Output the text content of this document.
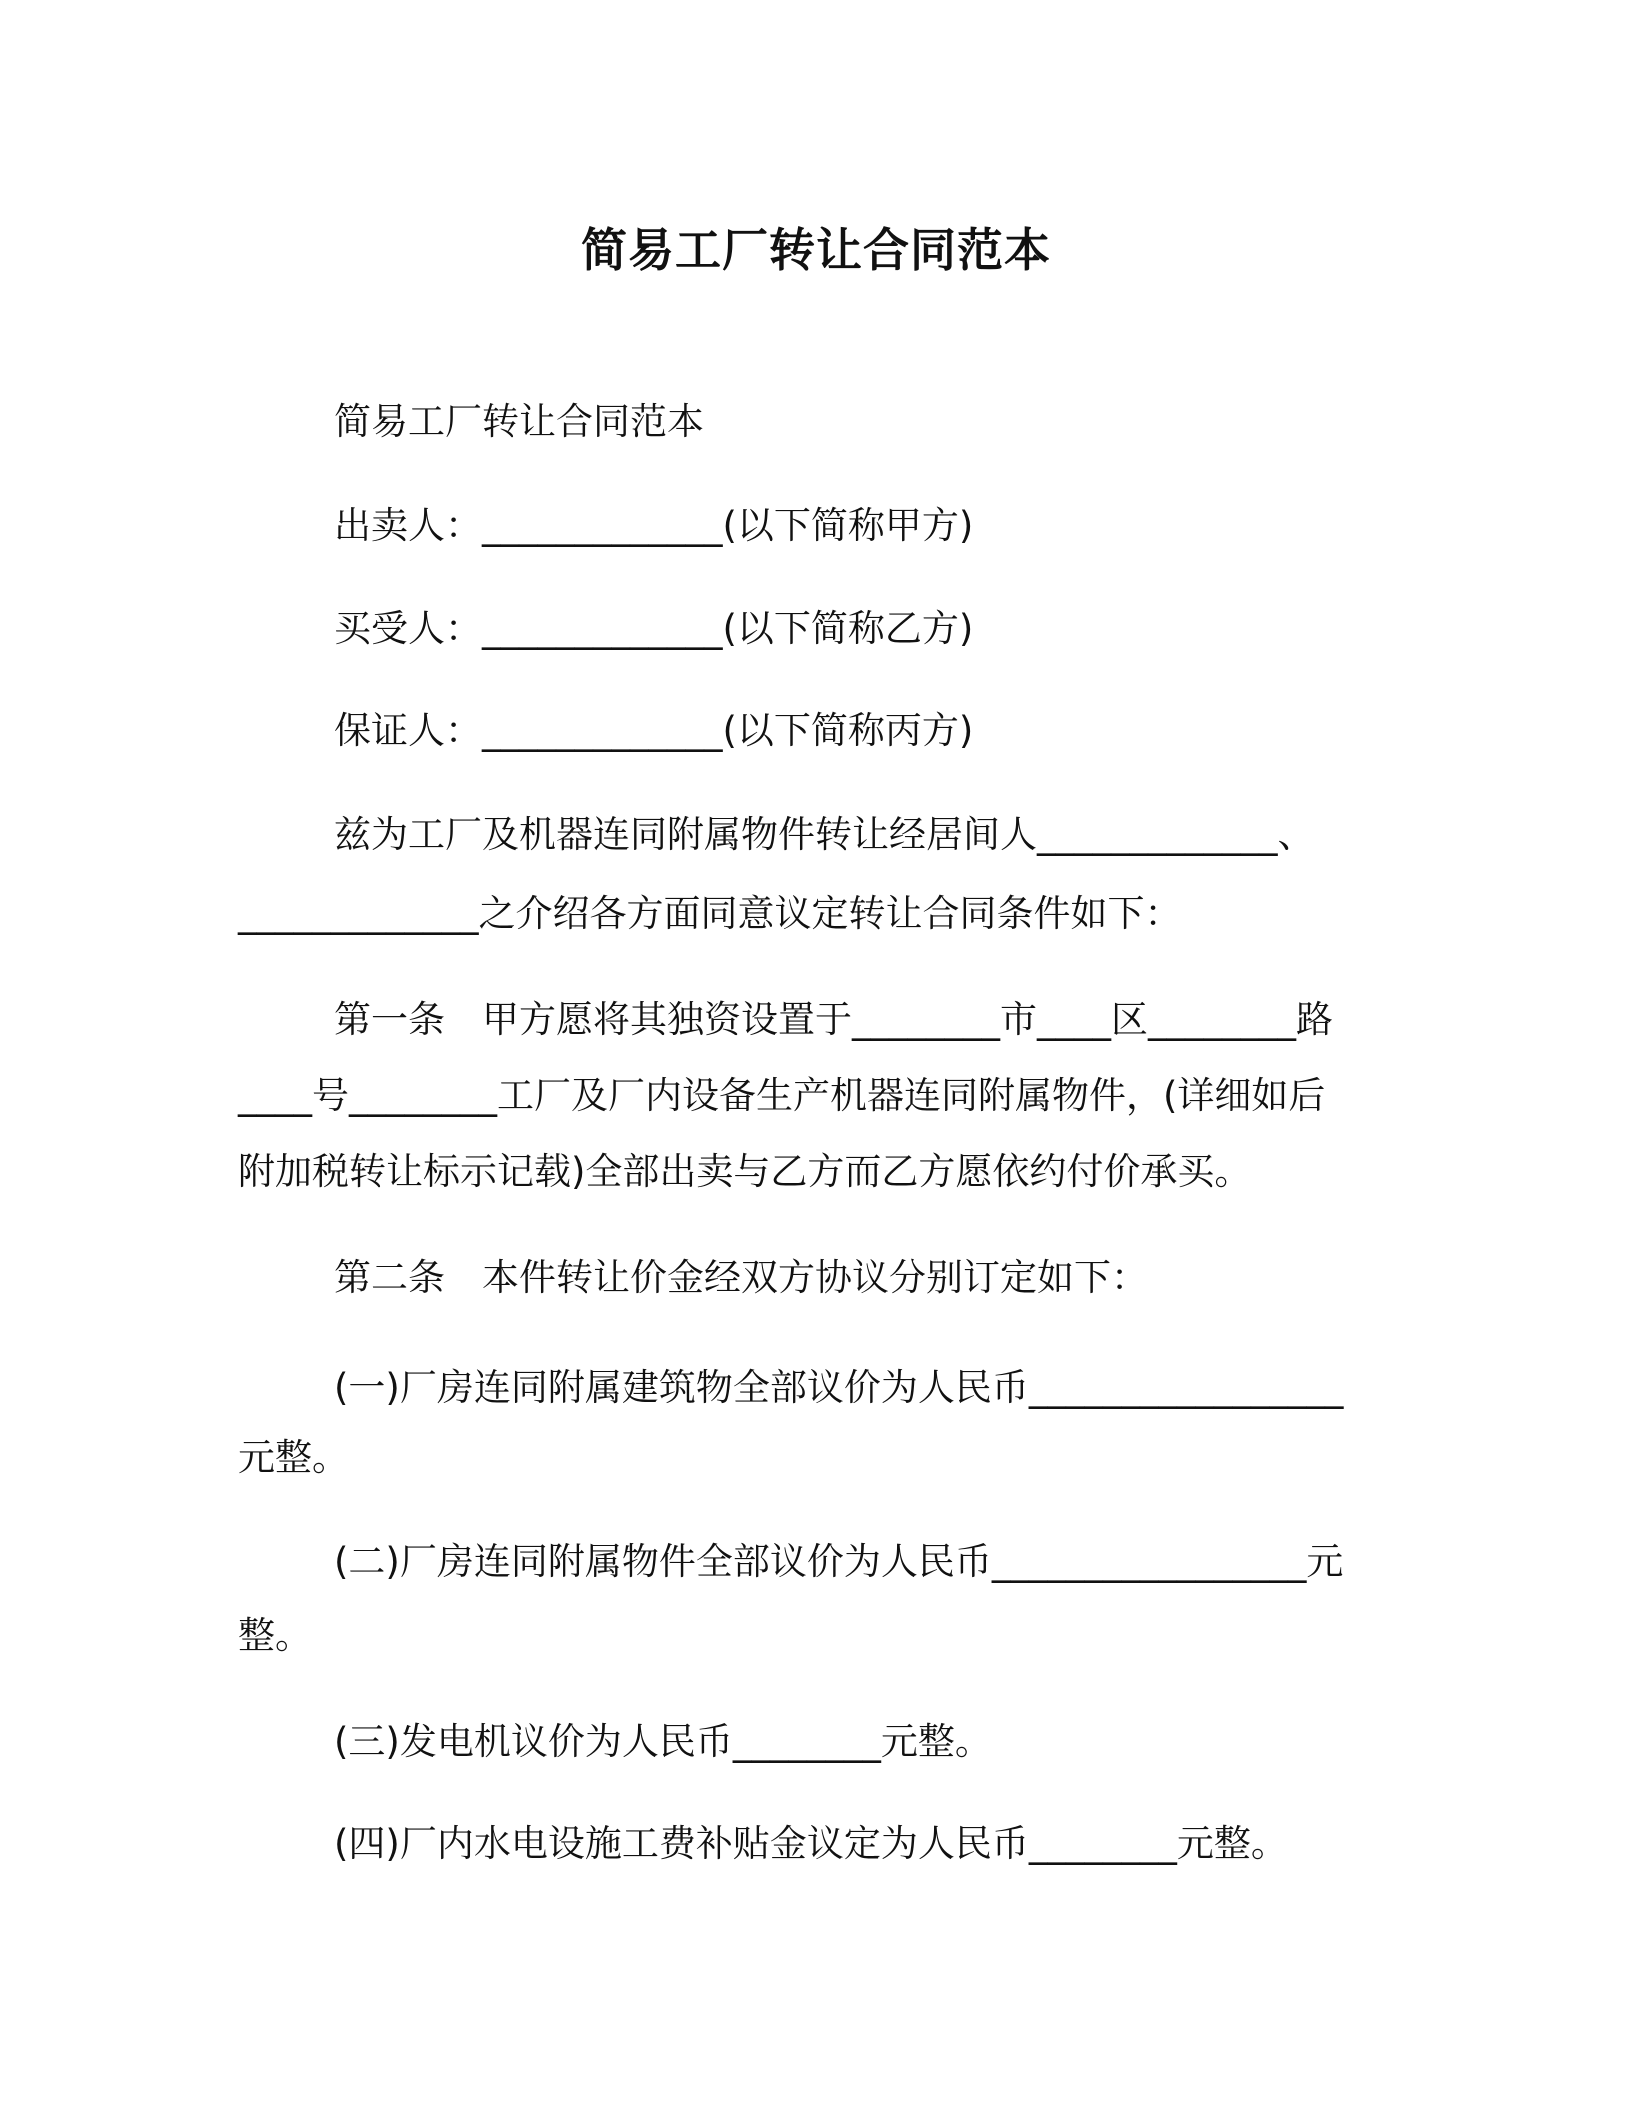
简易工厂转让合同范本
简易工厂转让合同范本
出卖人：_____________(以下简称甲方)
买受人：_____________(以下简称乙方)
保证人：_____________(以下简称丙方)
兹为工厂及机器连同附属物件转让经居间人_____________、
_____________之介绍各方面同意议定转让合同条件如下：
第一条　甲方愿将其独资设置于________市____区________路
____号________工厂及厂内设备生产机器连同附属物件，(详细如后
附加税转让标示记载)全部出卖与乙方而乙方愿依约付价承买。
第二条　本件转让价金经双方协议分别订定如下：
(一)厂房连同附属建筑物全部议价为人民币_________________
元整。
(二)厂房连同附属物件全部议价为人民币_________________元
整。
(三)发电机议价为人民币________元整。
(四)厂内水电设施工费补贴金议定为人民币________元整。
